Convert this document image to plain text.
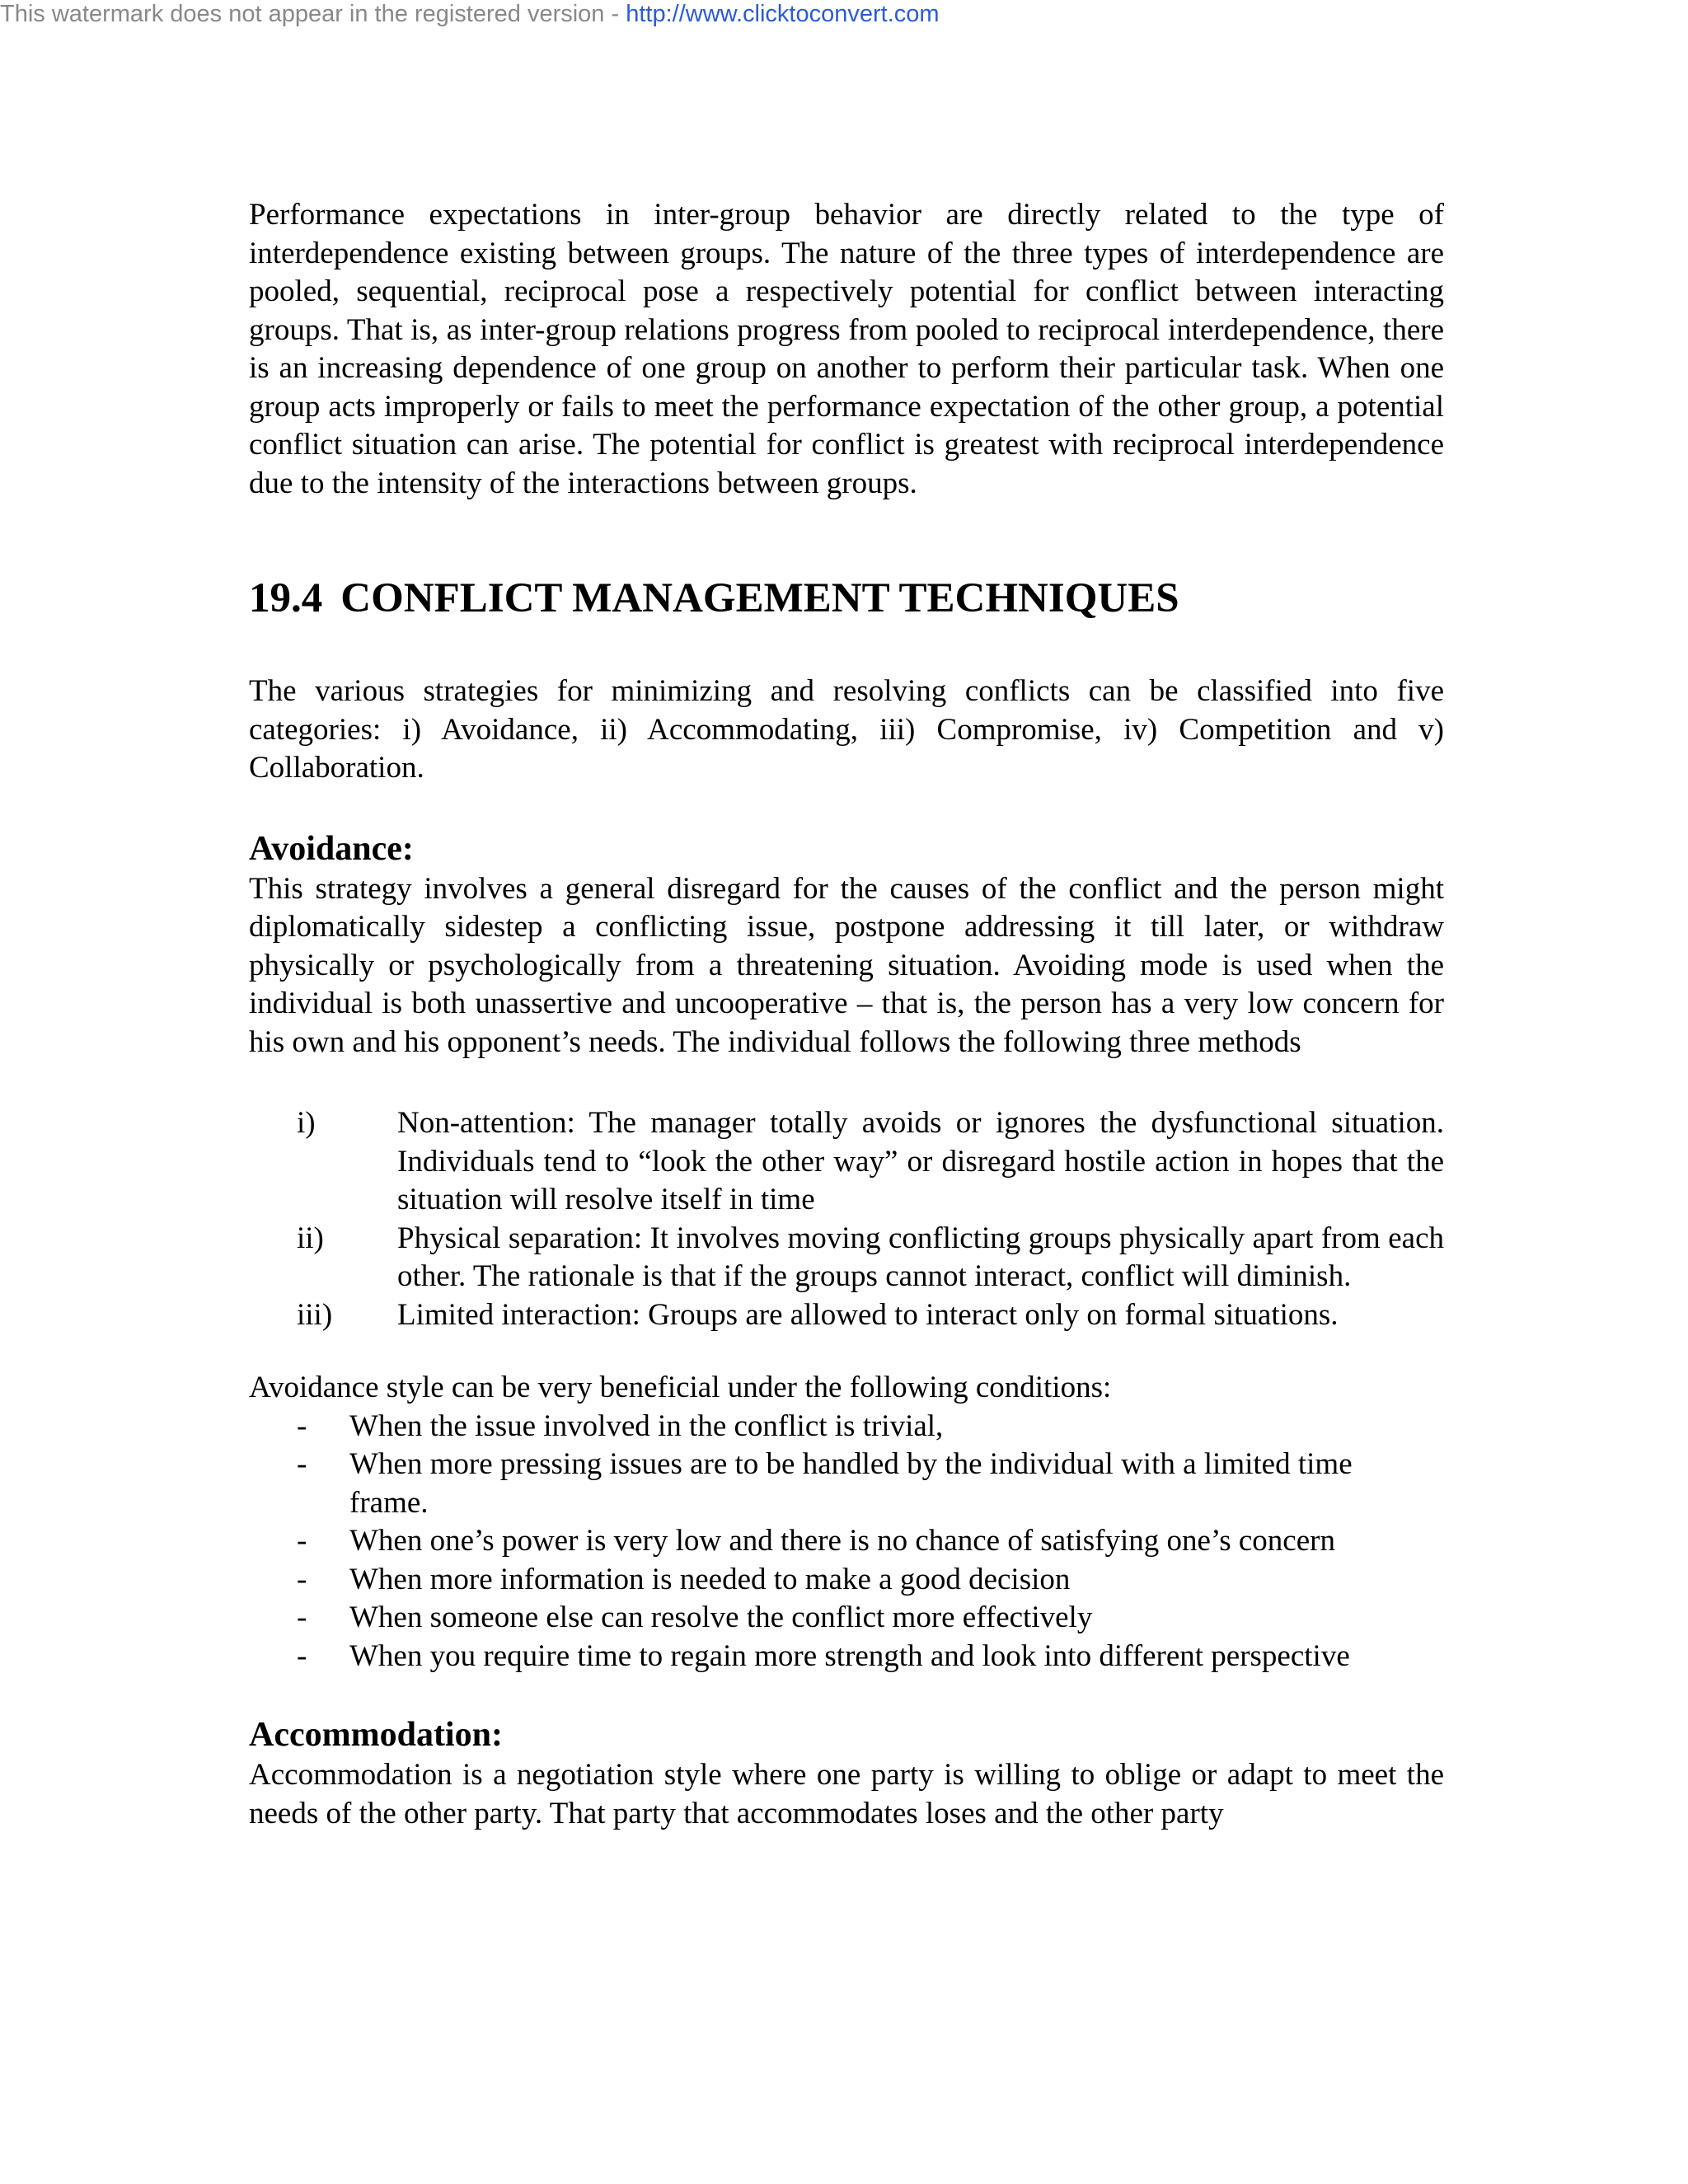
This watermark does not appear in the registered version - http://www.clicktoconvert.com

Performance expectations in inter-group behavior are directly related to the type of interdependence existing between groups. The nature of the three types of interdependence are pooled, sequential, reciprocal pose a respectively potential for conflict between interacting groups. That is, as inter-group relations progress from pooled to reciprocal interdependence, there is an increasing dependence of one group on another to perform their particular task. When one group acts improperly or fails to meet the performance expectation of the other group, a potential conflict situation can arise. The potential for conflict is greatest with reciprocal interdependence due to the intensity of the interactions between groups.

19.4 CONFLICT MANAGEMENT TECHNIQUES

The various strategies for minimizing and resolving conflicts can be classified into five categories: i) Avoidance, ii) Accommodating, iii) Compromise, iv) Competition and v) Collaboration.

Avoidance:

This strategy involves a general disregard for the causes of the conflict and the person might diplomatically sidestep a conflicting issue, postpone addressing it till later, or withdraw physically or psychologically from a threatening situation. Avoiding mode is used when the individual is both unassertive and uncooperative – that is, the person has a very low concern for his own and his opponent’s needs. The individual follows the following three methods

i)	Non-attention: The manager totally avoids or ignores the dysfunctional situation. Individuals tend to “look the other way” or disregard hostile action in hopes that the situation will resolve itself in time
ii)	Physical separation: It involves moving conflicting groups physically apart from each other. The rationale is that if the groups cannot interact, conflict will diminish.
iii)	Limited interaction: Groups are allowed to interact only on formal situations.

Avoidance style can be very beneficial under the following conditions:

-	When the issue involved in the conflict is trivial,
-	When more pressing issues are to be handled by the individual with a limited time frame.
-	When one’s power is very low and there is no chance of satisfying one’s concern
-	When more information is needed to make a good decision
-	When someone else can resolve the conflict more effectively
-	When you require time to regain more strength and look into different perspective
Accommodation:

Accommodation is a negotiation style where one party is willing to oblige or adapt to meet the needs of the other party. That party that accommodates loses and the other party
